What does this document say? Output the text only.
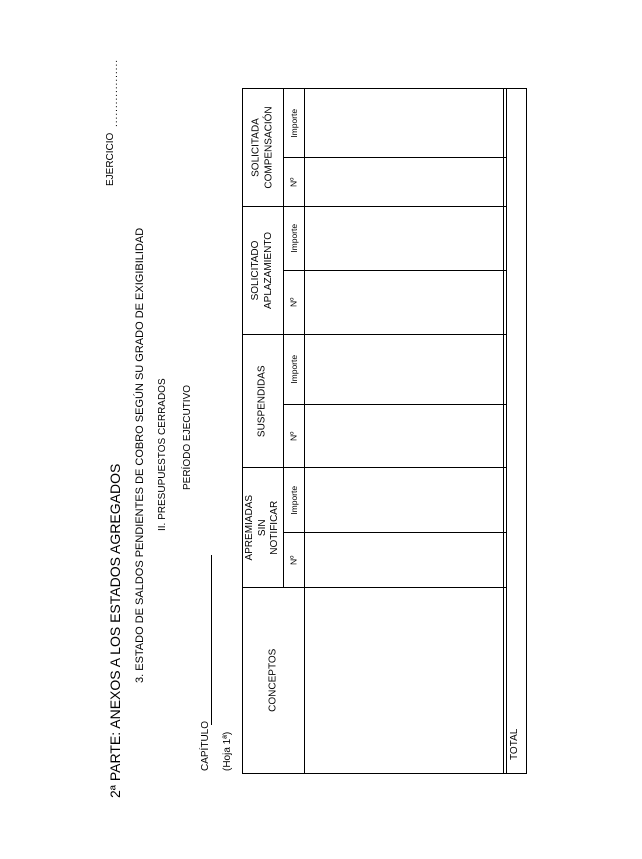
2ª PARTE: ANEXOS A LOS ESTADOS AGREGADOS 3. ESTADO DE SALDOS PENDIENTES DE COBRO SEGÚN SU GRADO DE EXIGIBILIDAD II. PRESUPUESTOS CERRADOS PERÍODO EJECUTIVO
EJERCICIO
..................
CAPÍTULO (Hoja 1ª)
CONCEPTOS
APREMIADAS SIN NOTIFICAR
Nº
Importe
SUSPENDIDAS Nº
Importe
SOLICITADO APLAZAMIENTO Nº
Importe
SOLICITADA COMPENSACIÓN Nº
Importe
TOTAL
